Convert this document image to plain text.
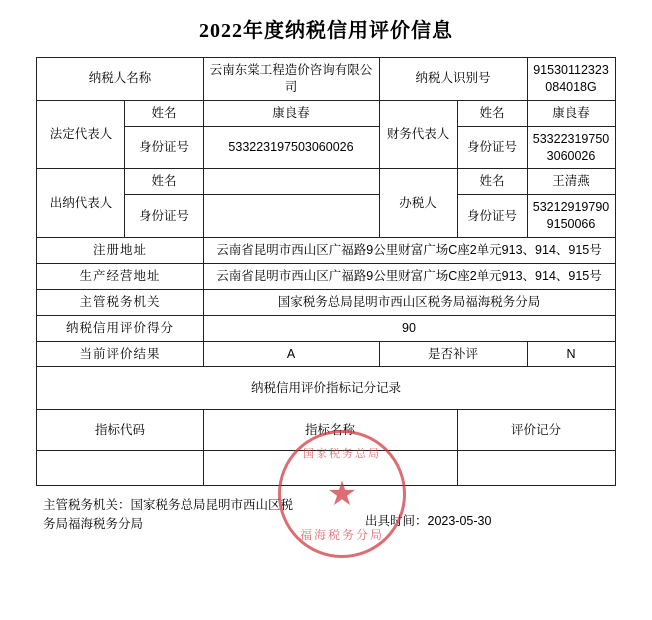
2022年度纳税信用评价信息
纳税人名称		云南东棠工程造价咨询有限公司	纳税人识别号		91530112323084018G
法定代表人	姓名	康良春	财务代表人	姓名	康良春
	身份证号	533223197503060026		身份证号	533223197503060026
出纳代表人	姓名		办税人	姓名	王清燕
	身份证号			身份证号	532129197909150066
注册地址		云南省昆明市西山区广福路9公里财富广场C座2单元913、914、915号			
生产经营地址		云南省昆明市西山区广福路9公里财富广场C座2单元913、914、915号			
主管税务机关		国家税务总局昆明市西山区税务局福海税务分局			
纳税信用评价得分		90			
当前评价结果		A	是否补评		N
纳税信用评价指标记分记录					
指标代码		指标名称		评价记分	

主管税务机关：国家税务总局昆明市西山区税务局福海税务分局	出具时间：2023-05-30
国家税务总局
★
福海税务分局
